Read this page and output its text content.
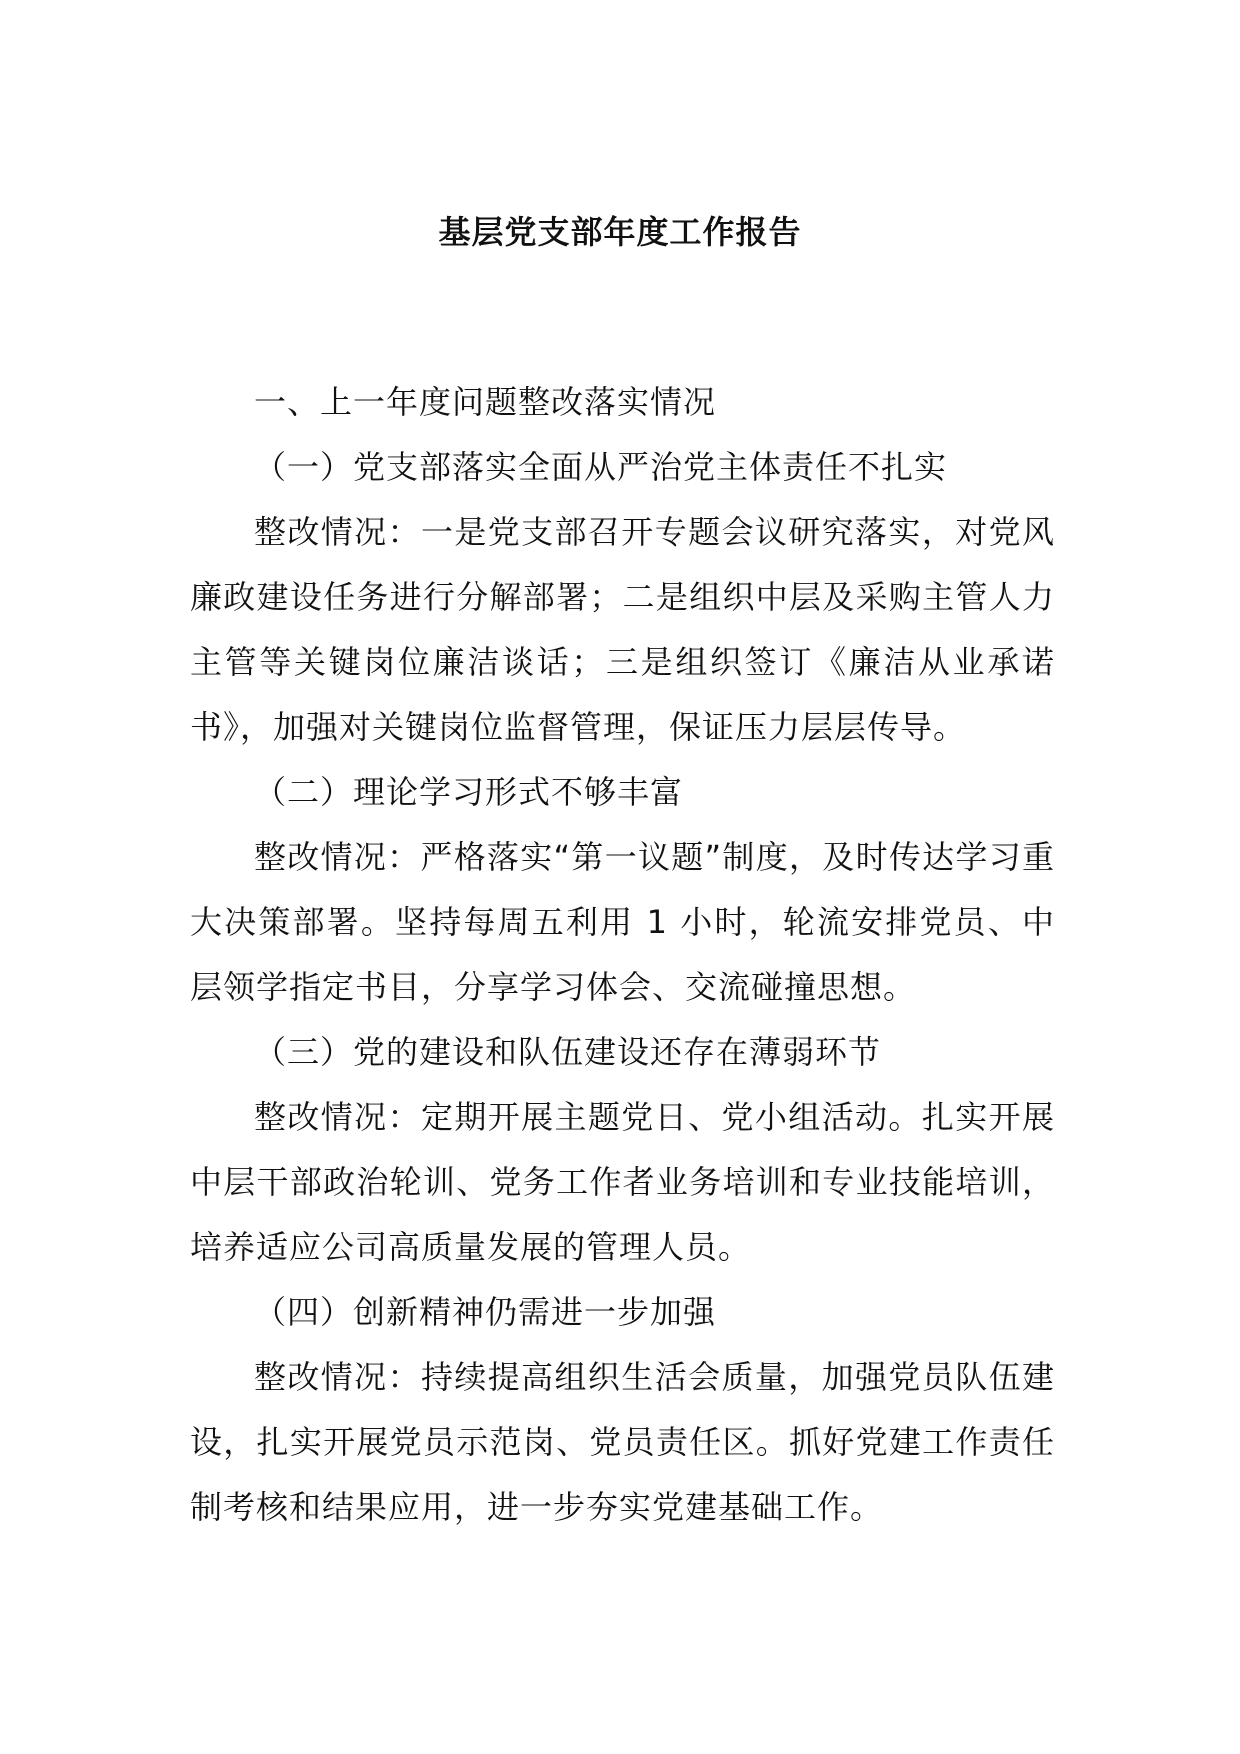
基层党支部年度工作报告

一、上一年度问题整改落实情况

（一）党支部落实全面从严治党主体责任不扎实

整改情况：一是党支部召开专题会议研究落实，对党风廉政建设任务进行分解部署；二是组织中层及采购主管人力主管等关键岗位廉洁谈话；三是组织签订《廉洁从业承诺书》，加强对关键岗位监督管理，保证压力层层传导。

（二）理论学习形式不够丰富

整改情况：严格落实“第一议题”制度，及时传达学习重大决策部署。坚持每周五利用 1 小时，轮流安排党员、中层领学指定书目，分享学习体会、交流碰撞思想。

（三）党的建设和队伍建设还存在薄弱环节

整改情况：定期开展主题党日、党小组活动。扎实开展中层干部政治轮训、党务工作者业务培训和专业技能培训，培养适应公司高质量发展的管理人员。

（四）创新精神仍需进一步加强

整改情况：持续提高组织生活会质量，加强党员队伍建设，扎实开展党员示范岗、党员责任区。抓好党建工作责任制考核和结果应用，进一步夯实党建基础工作。
